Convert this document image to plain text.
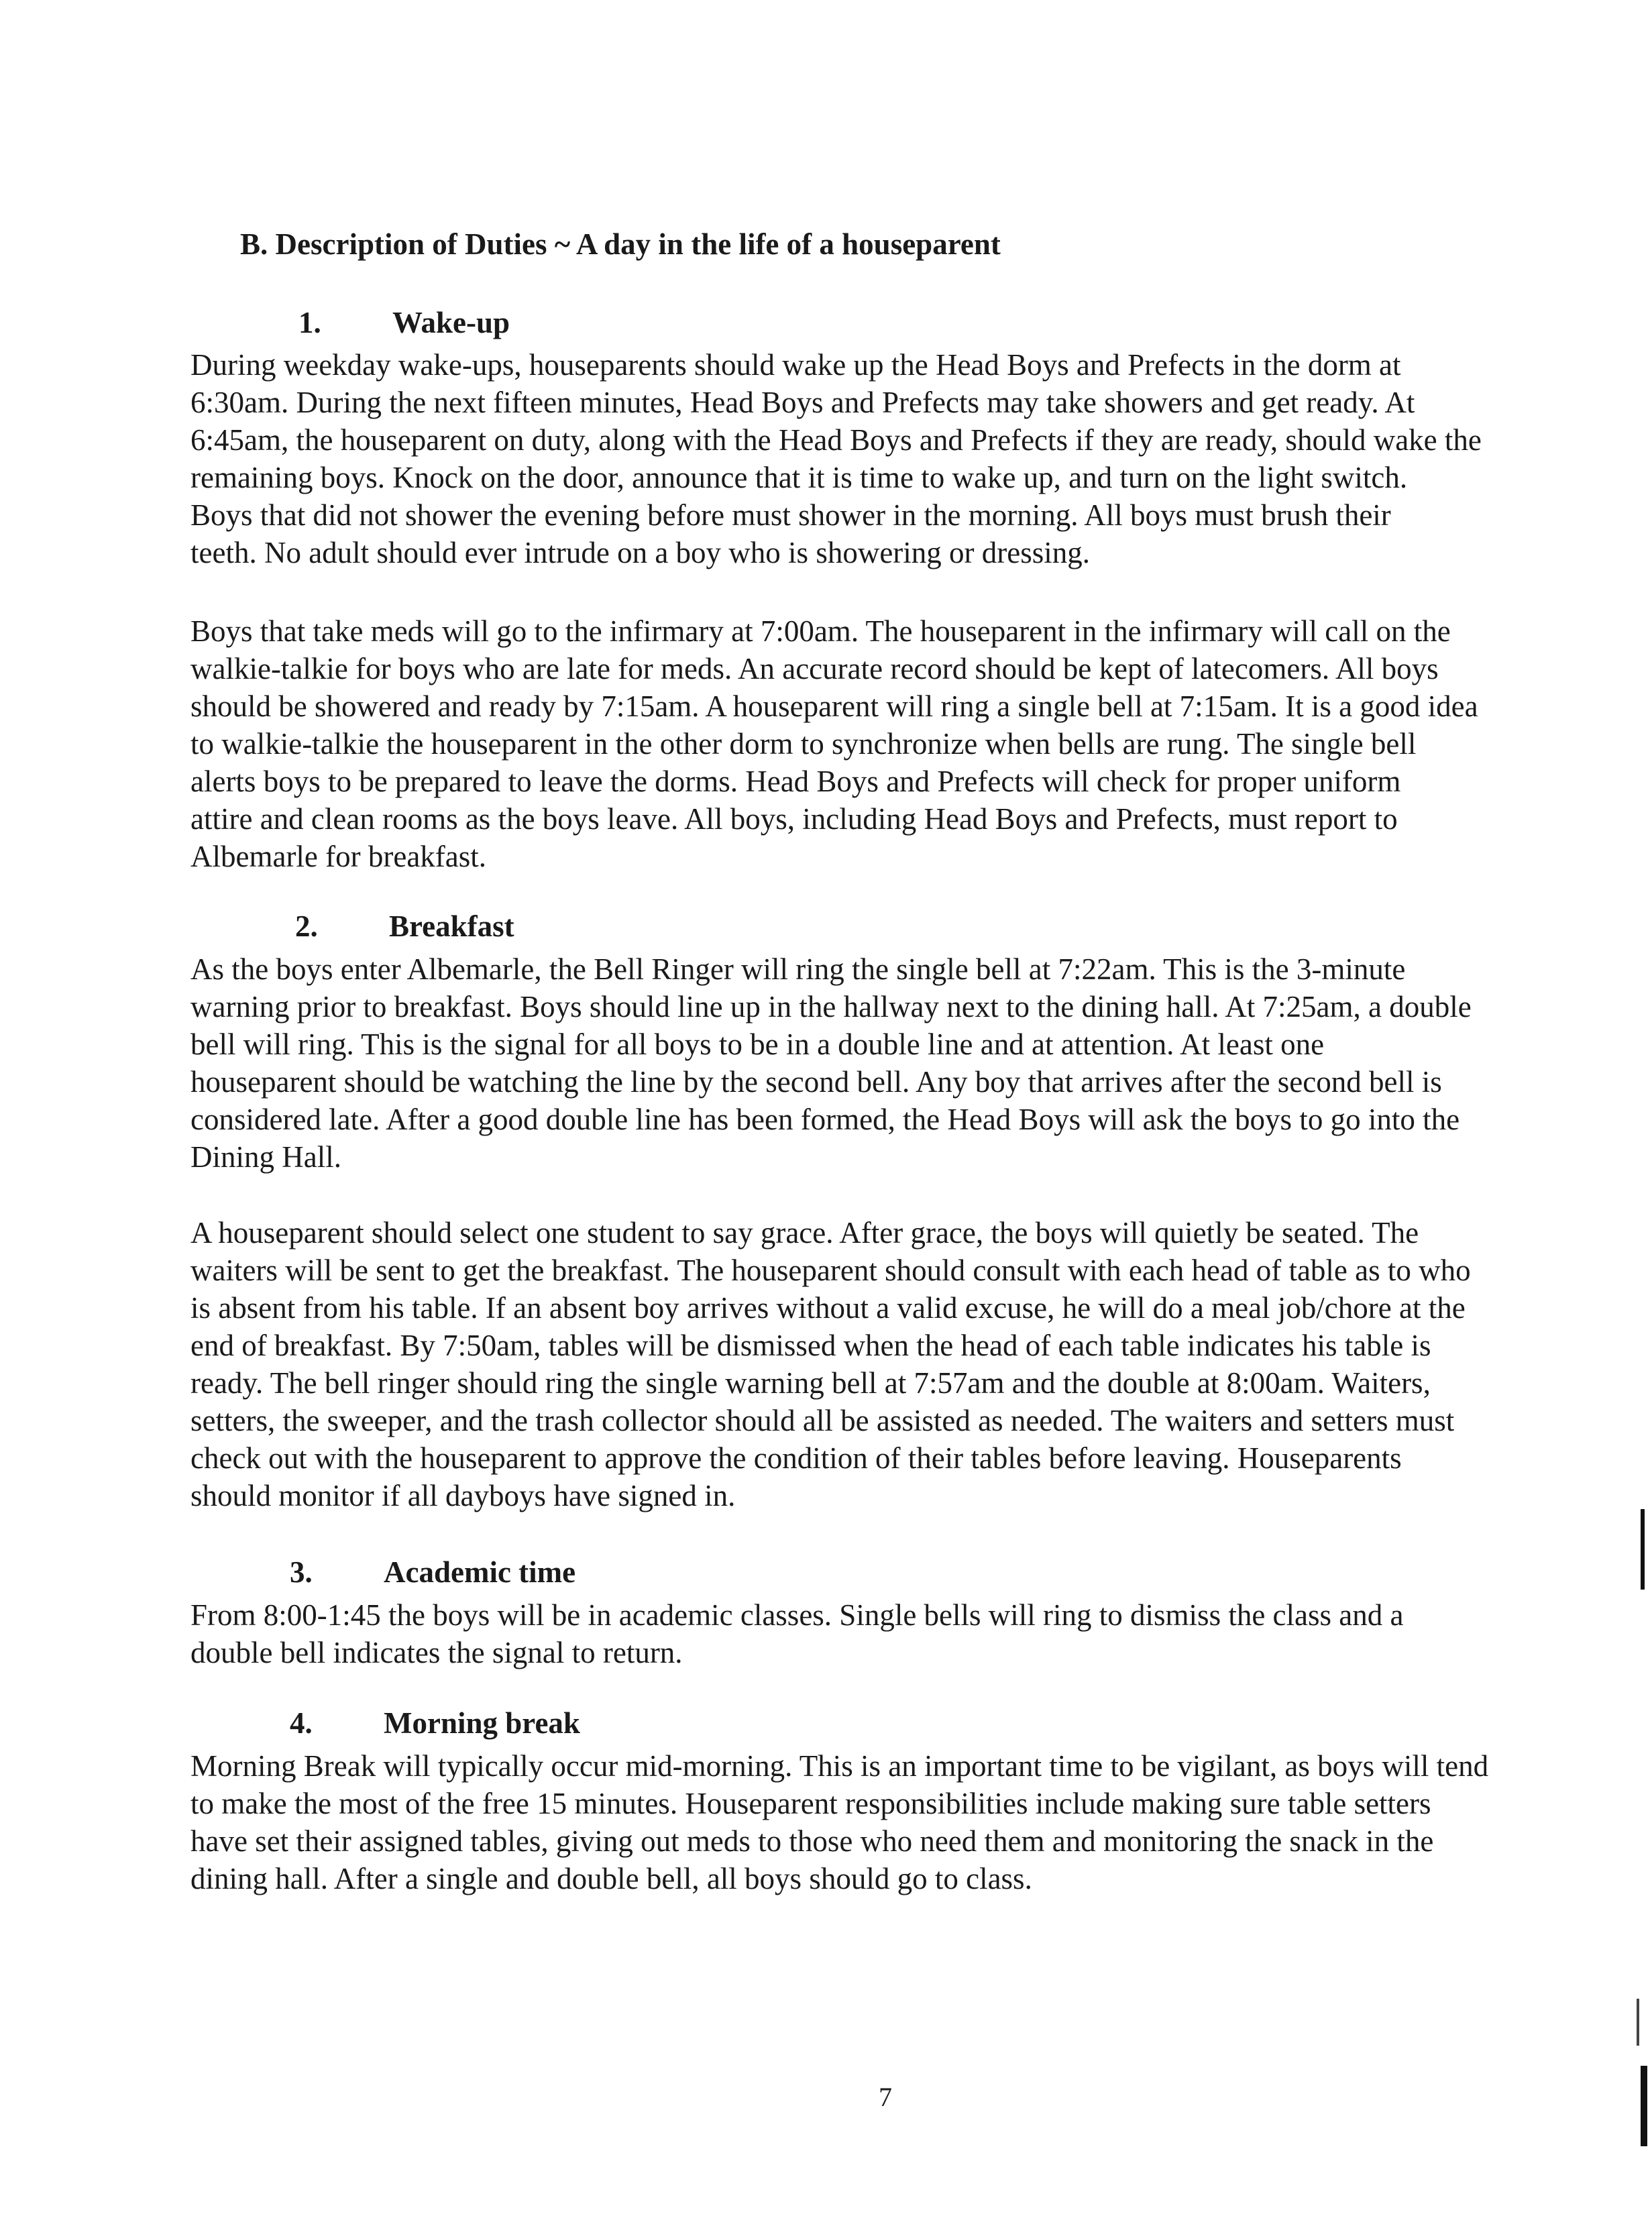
B. Description of Duties ~ A day in the life of a houseparent
1. Wake-up

During weekday wake-ups, houseparents should wake up the Head Boys and Prefects in the dorm at
6:30am. During the next fifteen minutes, Head Boys and Prefects may take showers and get ready. At
6:45am, the houseparent on duty, along with the Head Boys and Prefects if they are ready, should wake the
remaining boys. Knock on the door, announce that it is time to wake up, and turn on the light switch.
Boys that did not shower the evening before must shower in the morning. All boys must brush their
teeth. No adult should ever intrude on a boy who is showering or dressing.

Boys that take meds will go to the infirmary at 7:00am. The houseparent in the infirmary will call on the
walkie-talkie for boys who are late for meds. An accurate record should be kept of latecomers. All boys
should be showered and ready by 7:15am. A houseparent will ring a single bell at 7:15am. It is a good idea
to walkie-talkie the houseparent in the other dorm to synchronize when bells are rung. The single bell
alerts boys to be prepared to leave the dorms. Head Boys and Prefects will check for proper uniform
attire and clean rooms as the boys leave. All boys, including Head Boys and Prefects, must report to
Albemarle for breakfast.

2. Breakfast

As the boys enter Albemarle, the Bell Ringer will ring the single bell at 7:22am. This is the 3-minute
warning prior to breakfast. Boys should line up in the hallway next to the dining hall. At 7:25am, a double
bell will ring. This is the signal for all boys to be in a double line and at attention. At least one
houseparent should be watching the line by the second bell. Any boy that arrives after the second bell is
considered late. After a good double line has been formed, the Head Boys will ask the boys to go into the
Dining Hall.

A houseparent should select one student to say grace. After grace, the boys will quietly be seated. The
waiters will be sent to get the breakfast. The houseparent should consult with each head of table as to who
is absent from his table. If an absent boy arrives without a valid excuse, he will do a meal job/chore at the
end of breakfast. By 7:50am, tables will be dismissed when the head of each table indicates his table is
ready. The bell ringer should ring the single warning bell at 7:57am and the double at 8:00am. Waiters,
setters, the sweeper, and the trash collector should all be assisted as needed. The waiters and setters must
check out with the houseparent to approve the condition of their tables before leaving. Houseparents
should monitor if all dayboys have signed in.

3. Academic time

From 8:00-1:45 the boys will be in academic classes. Single bells will ring to dismiss the class and a
double bell indicates the signal to return.

4. Morning break

Morning Break will typically occur mid-morning. This is an important time to be vigilant, as boys will tend
to make the most of the free 15 minutes. Houseparent responsibilities include making sure table setters
have set their assigned tables, giving out meds to those who need them and monitoring the snack in the
dining hall. After a single and double bell, all boys should go to class.

7
